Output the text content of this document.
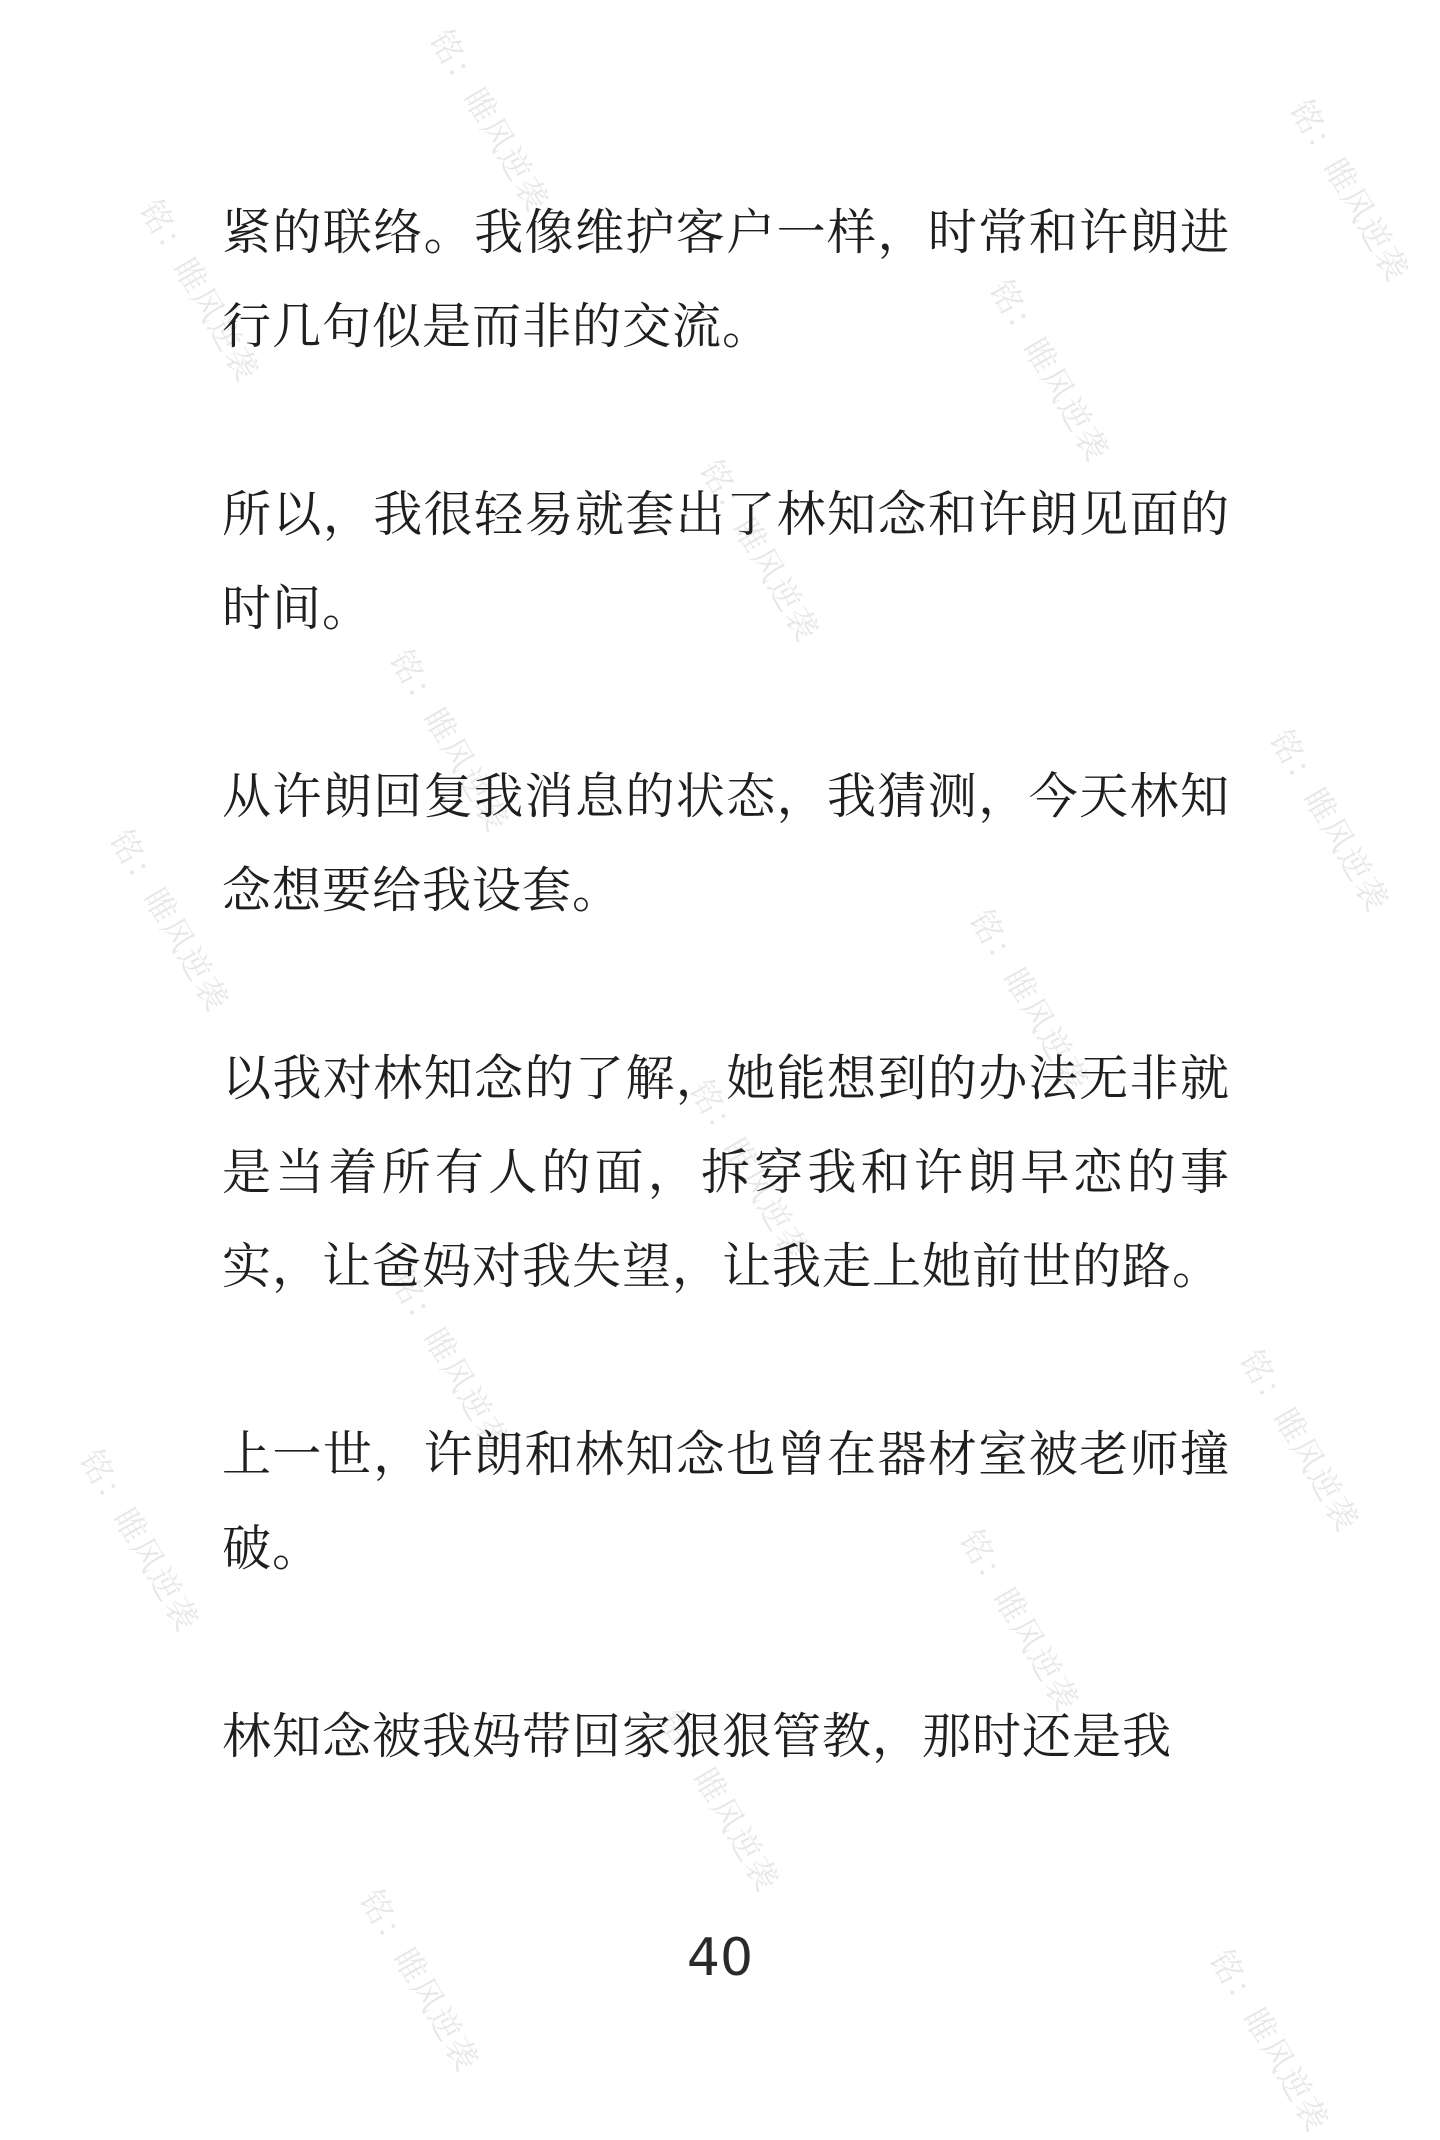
铭：睢风逆袭	铭：睢风逆袭
铭：睢风逆袭	铭：睢风逆袭
铭：睢风逆袭
铭：睢风逆袭	铭：睢风逆袭
铭：睢风逆袭	铭：睢风逆袭
铭：睢风逆袭
铭：睢风逆袭	铭：睢风逆袭
铭：睢风逆袭	铭：睢风逆袭
铭：睢风逆袭
铭：睢风逆袭	铭：睢风逆袭

紧的联络。我像维护客户一样，时常和许朗进行几句似是而非的交流。

所以，我很轻易就套出了林知念和许朗见面的时间。

从许朗回复我消息的状态，我猜测，今天林知念想要给我设套。

以我对林知念的了解，她能想到的办法无非就是当着所有人的面，拆穿我和许朗早恋的事实，让爸妈对我失望，让我走上她前世的路。

上一世，许朗和林知念也曾在器材室被老师撞破。

林知念被我妈带回家狠狠管教，那时还是我

40
